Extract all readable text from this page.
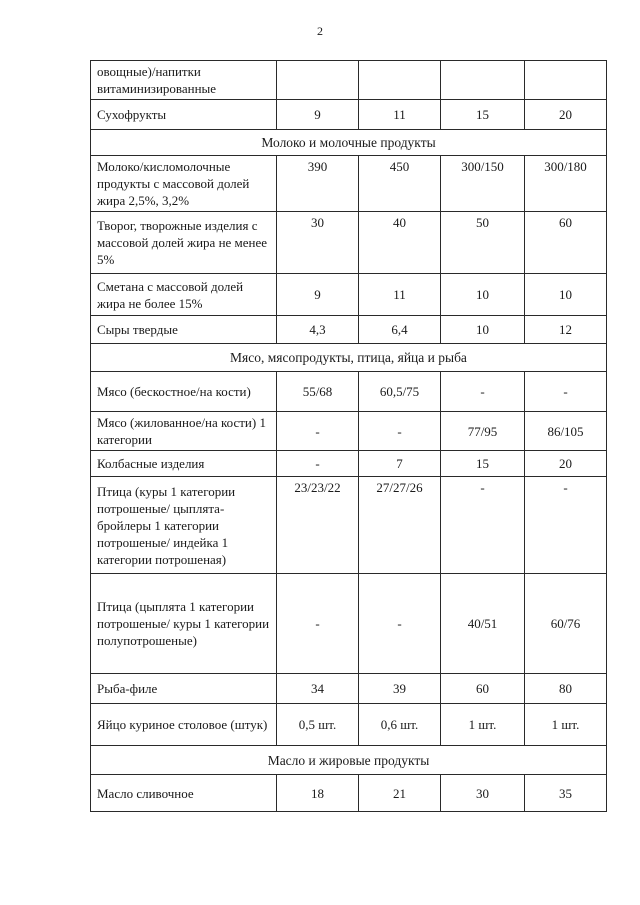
2
овощные)/напитки витаминизированные				
Сухофрукты	9	11	15	20
Молоко и молочные продукты				
Молоко/кисломолочные продукты с массовой долей жира 2,5%, 3,2%	390	450	300/150	300/180
Творог, творожные изделия с массовой долей жира не менее 5%	30	40	50	60
Сметана с массовой долей жира не более 15%	9	11	10	10
Сыры твердые	4,3	6,4	10	12
Мясо, мясопродукты, птица, яйца и рыба				
Мясо (бескостное/на кости)	55/68	60,5/75	-	-
Мясо (жилованное/на кости) 1 категории	-	-	77/95	86/105
Колбасные изделия	-	7	15	20
Птица (куры 1 категории потрошеные/ цыплята-бройлеры 1 категории потрошеные/ индейка 1 категории потрошеная)	23/23/22	27/27/26	-	-
Птица (цыплята 1 категории потрошеные/ куры 1 категории полупотрошеные)	-	-	40/51	60/76
Рыба-филе	34	39	60	80
Яйцо куриное столовое (штук)	0,5 шт.	0,6 шт.	1 шт.	1 шт.
Масло и жировые продукты				
Масло сливочное	18	21	30	35
